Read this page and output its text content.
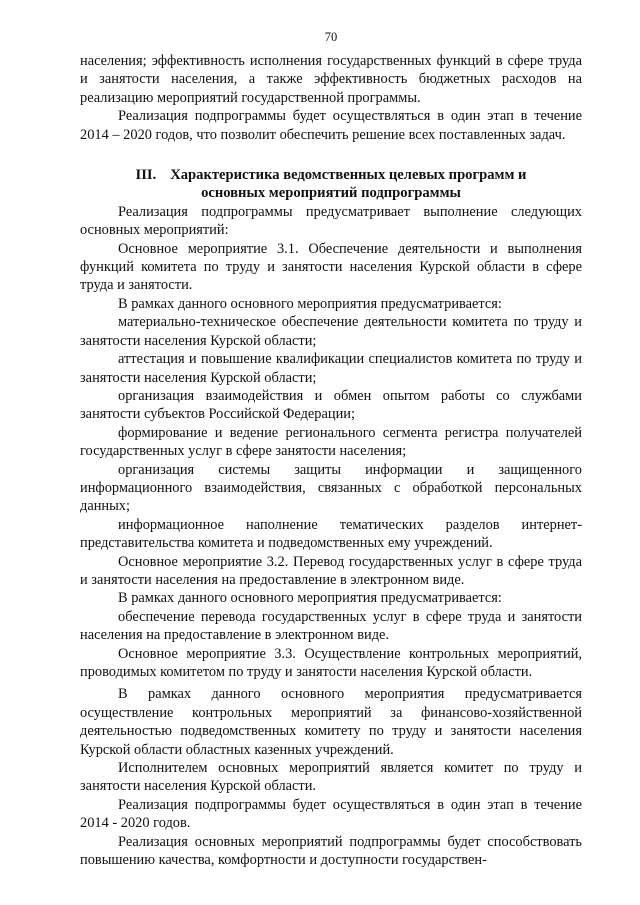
70

населения; эффективность исполнения государственных функций в сфере труда и занятости населения, а также эффективность бюджетных расходов на реализацию мероприятий государственной программы.

Реализация подпрограммы будет осуществляться в один этап в течение 2014 – 2020 годов, что позволит обеспечить решение всех поставленных задач.

III. Характеристика ведомственных целевых программ и
основных мероприятий подпрограммы

Реализация подпрограммы предусматривает выполнение следующих основных мероприятий:

Основное мероприятие 3.1. Обеспечение деятельности и выполнения функций комитета по труду и занятости населения Курской области в сфере труда и занятости.

В рамках данного основного мероприятия предусматривается:

материально-техническое обеспечение деятельности комитета по труду и занятости населения Курской области;

аттестация и повышение квалификации специалистов комитета по труду и занятости населения Курской области;

организация взаимодействия и обмен опытом работы со службами занятости субъектов Российской Федерации;

формирование и ведение регионального сегмента регистра получателей государственных услуг в сфере занятости населения;

организация системы защиты информации и защищенного информационного взаимодействия, связанных с обработкой персональных данных;

информационное наполнение тематических разделов интернет-представительства комитета и подведомственных ему учреждений.

Основное мероприятие 3.2. Перевод государственных услуг в сфере труда и занятости населения на предоставление в электронном виде.

В рамках данного основного мероприятия предусматривается:

обеспечение перевода государственных услуг в сфере труда и занятости населения на предоставление в электронном виде.

Основное мероприятие 3.3. Осуществление контрольных мероприятий, проводимых комитетом по труду и занятости населения Курской области.

В рамках данного основного мероприятия предусматривается осуществление контрольных мероприятий за финансово-хозяйственной деятельностью подведомственных комитету по труду и занятости населения Курской области областных казенных учреждений.

Исполнителем основных мероприятий является комитет по труду и занятости населения Курской области.

Реализация подпрограммы будет осуществляться в один этап в течение 2014 - 2020 годов.

Реализация основных мероприятий подпрограммы будет способствовать повышению качества, комфортности и доступности государствен-
